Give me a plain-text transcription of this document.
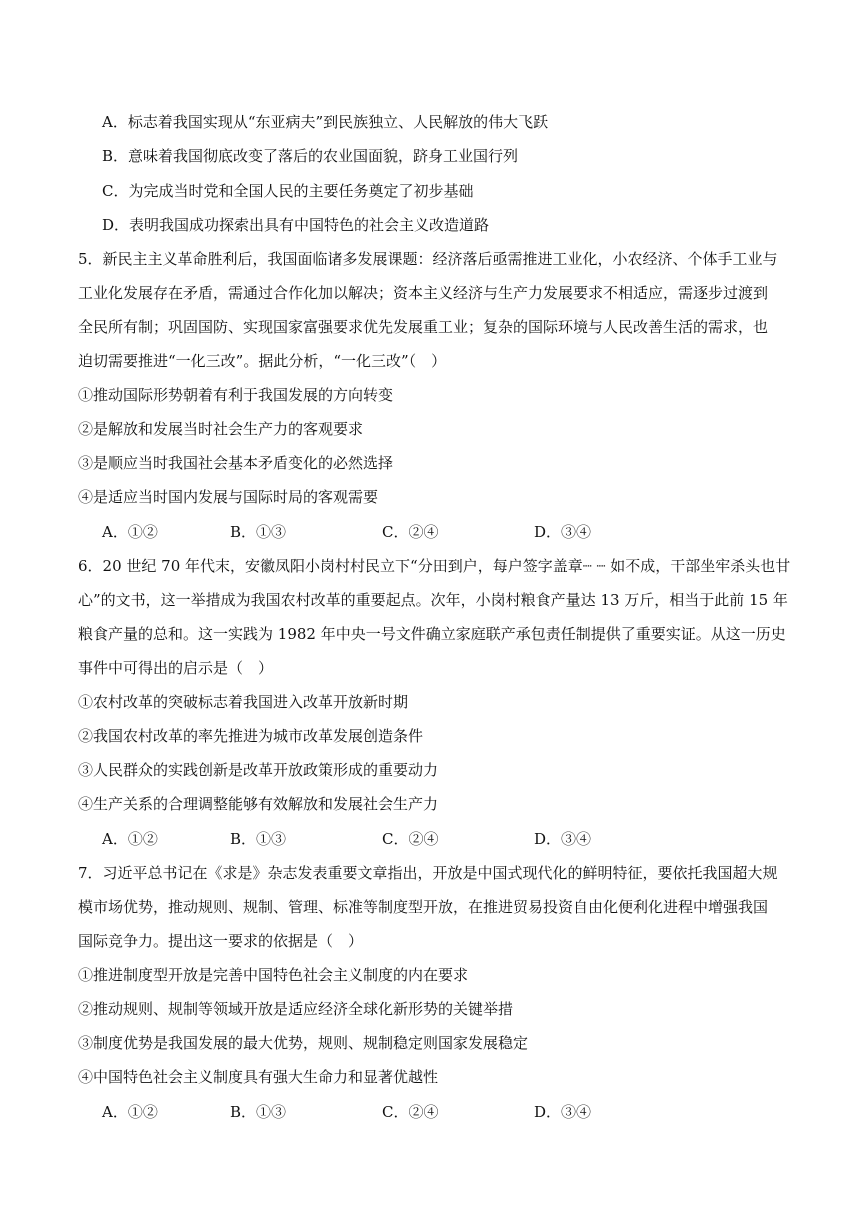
A．标志着我国实现从“东亚病夫”到民族独立、人民解放的伟大飞跃
B．意味着我国彻底改变了落后的农业国面貌，跻身工业国行列
C．为完成当时党和全国人民的主要任务奠定了初步基础
D．表明我国成功探索出具有中国特色的社会主义改造道路
5．新民主主义革命胜利后，我国面临诸多发展课题：经济落后亟需推进工业化，小农经济、个体手工业与
工业化发展存在矛盾，需通过合作化加以解决；资本主义经济与生产力发展要求不相适应，需逐步过渡到
全民所有制；巩固国防、实现国家富强要求优先发展重工业；复杂的国际环境与人民改善生活的需求，也
迫切需要推进“一化三改”。据此分析，“一化三改”（　）
①推动国际形势朝着有利于我国发展的方向转变
②是解放和发展当时社会生产力的客观要求
③是顺应当时我国社会基本矛盾变化的必然选择
④是适应当时国内发展与国际时局的客观需要
A．①②	B．①③	C．②④	D．③④
6．20 世纪 70 年代末，安徽凤阳小岗村村民立下“分田到户，每户签字盖章┈ ┈ 如不成，干部坐牢杀头也甘
心”的文书，这一举措成为我国农村改革的重要起点。次年，小岗村粮食产量达 13 万斤，相当于此前 15 年
粮食产量的总和。这一实践为 1982 年中央一号文件确立家庭联产承包责任制提供了重要实证。从这一历史
事件中可得出的启示是（　）
①农村改革的突破标志着我国进入改革开放新时期
②我国农村改革的率先推进为城市改革发展创造条件
③人民群众的实践创新是改革开放政策形成的重要动力
④生产关系的合理调整能够有效解放和发展社会生产力
A．①②	B．①③	C．②④	D．③④
7．习近平总书记在《求是》杂志发表重要文章指出，开放是中国式现代化的鲜明特征，要依托我国超大规
模市场优势，推动规则、规制、管理、标准等制度型开放，在推进贸易投资自由化便利化进程中增强我国
国际竞争力。提出这一要求的依据是（　）
①推进制度型开放是完善中国特色社会主义制度的内在要求
②推动规则、规制等领域开放是适应经济全球化新形势的关键举措
③制度优势是我国发展的最大优势，规则、规制稳定则国家发展稳定
④中国特色社会主义制度具有强大生命力和显著优越性
A．①②	B．①③	C．②④	D．③④
